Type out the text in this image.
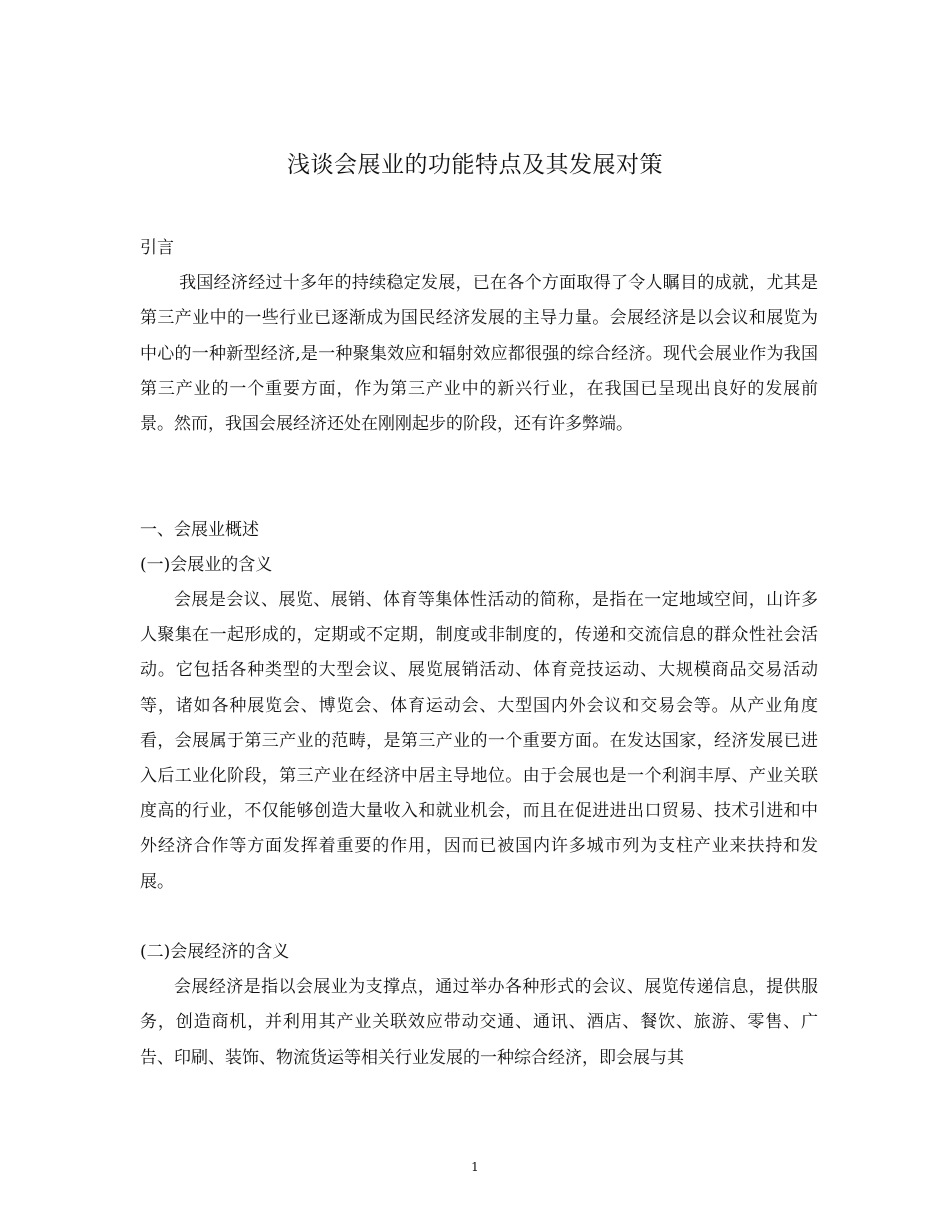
浅谈会展业的功能特点及其发展对策

引言

我国经济经过十多年的持续稳定发展，已在各个方面取得了令人瞩目的成就，尤其是第三产业中的一些行业已逐渐成为国民经济发展的主导力量。会展经济是以会议和展览为中心的一种新型经济,是一种聚集效应和辐射效应都很强的综合经济。现代会展业作为我国第三产业的一个重要方面，作为第三产业中的新兴行业，在我国已呈现出良好的发展前景。然而，我国会展经济还处在刚刚起步的阶段，还有许多弊端。

一、会展业概述

(一)会展业的含义

会展是会议、展览、展销、体育等集体性活动的简称，是指在一定地域空间，山许多人聚集在一起形成的，定期或不定期，制度或非制度的，传递和交流信息的群众性社会活动。它包括各种类型的大型会议、展览展销活动、体育竞技运动、大规模商品交易活动等，诸如各种展览会、博览会、体育运动会、大型国内外会议和交易会等。从产业角度看，会展属于第三产业的范畴，是第三产业的一个重要方面。在发达国家，经济发展已进入后工业化阶段，第三产业在经济中居主导地位。由于会展也是一个利润丰厚、产业关联度高的行业，不仅能够创造大量收入和就业机会，而且在促进进出口贸易、技术引进和中外经济合作等方面发挥着重要的作用，因而已被国内许多城市列为支柱产业来扶持和发展。

(二)会展经济的含义

会展经济是指以会展业为支撑点，通过举办各种形式的会议、展览传递信息，提供服务，创造商机，并利用其产业关联效应带动交通、通讯、酒店、餐饮、旅游、零售、广告、印刷、装饰、物流货运等相关行业发展的一种综合经济，即会展与其

1
